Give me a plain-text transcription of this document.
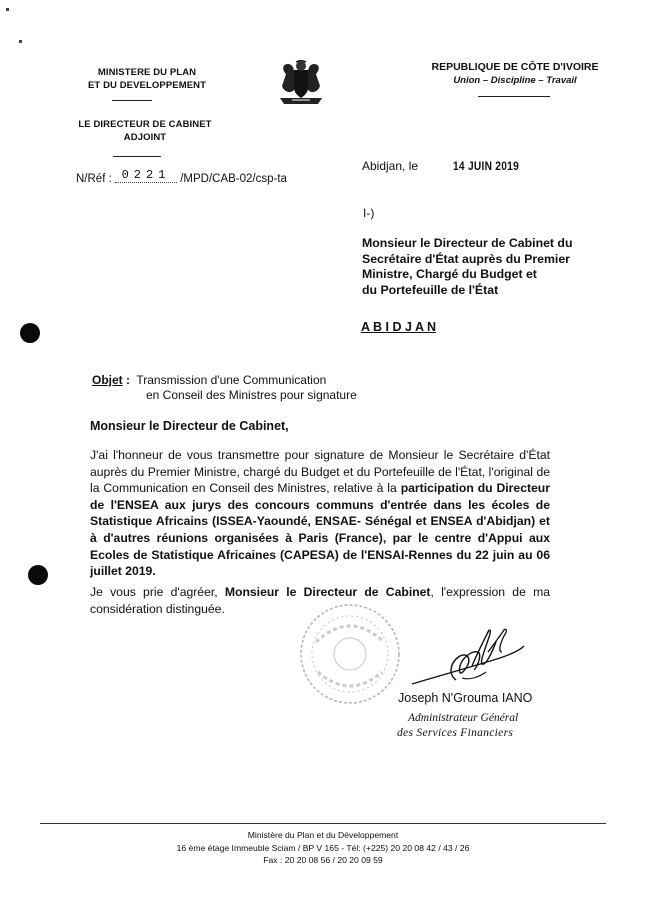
MINISTERE DU PLAN
ET DU DEVELOPPEMENT
LE DIRECTEUR DE CABINET
ADJOINT
REPUBLIQUE DE CÔTE D'IVOIRE
Union – Discipline – Travail
N/Réf : 0221 /MPD/CAB-02/csp-ta
Abidjan, le	14 JUIN 2019
I-)
Monsieur le Directeur de Cabinet du
Secrétaire d'État auprès du Premier
Ministre, Chargé du Budget et
du Portefeuille de l'État
A B I D J A N
Objet : Transmission d'une Communication
en Conseil des Ministres pour signature
Monsieur le Directeur de Cabinet,
J'ai l'honneur de vous transmettre pour signature de Monsieur le Secrétaire d'État auprès du Premier Ministre, chargé du Budget et du Portefeuille de l'État, l'original de la Communication en Conseil des Ministres, relative à la participation du Directeur de l'ENSEA aux jurys des concours communs d'entrée dans les écoles de Statistique Africains (ISSEA-Yaoundé, ENSAE- Sénégal et ENSEA d'Abidjan) et à d'autres réunions organisées à Paris (France), par le centre d'Appui aux Ecoles de Statistique Africaines (CAPESA) de l'ENSAI-Rennes du 22 juin au 06 juillet 2019.
Je vous prie d'agréer, Monsieur le Directeur de Cabinet, l'expression de ma considération distinguée.
Joseph N'Grouma IANO
Administrateur Général
des Services Financiers
Ministère du Plan et du Développement
16 ème étage Immeuble Sciam / BP V 165 - Tél: (+225) 20 20 08 42 / 43 / 26
Fax : 20 20 08 56 / 20 20 09 59
